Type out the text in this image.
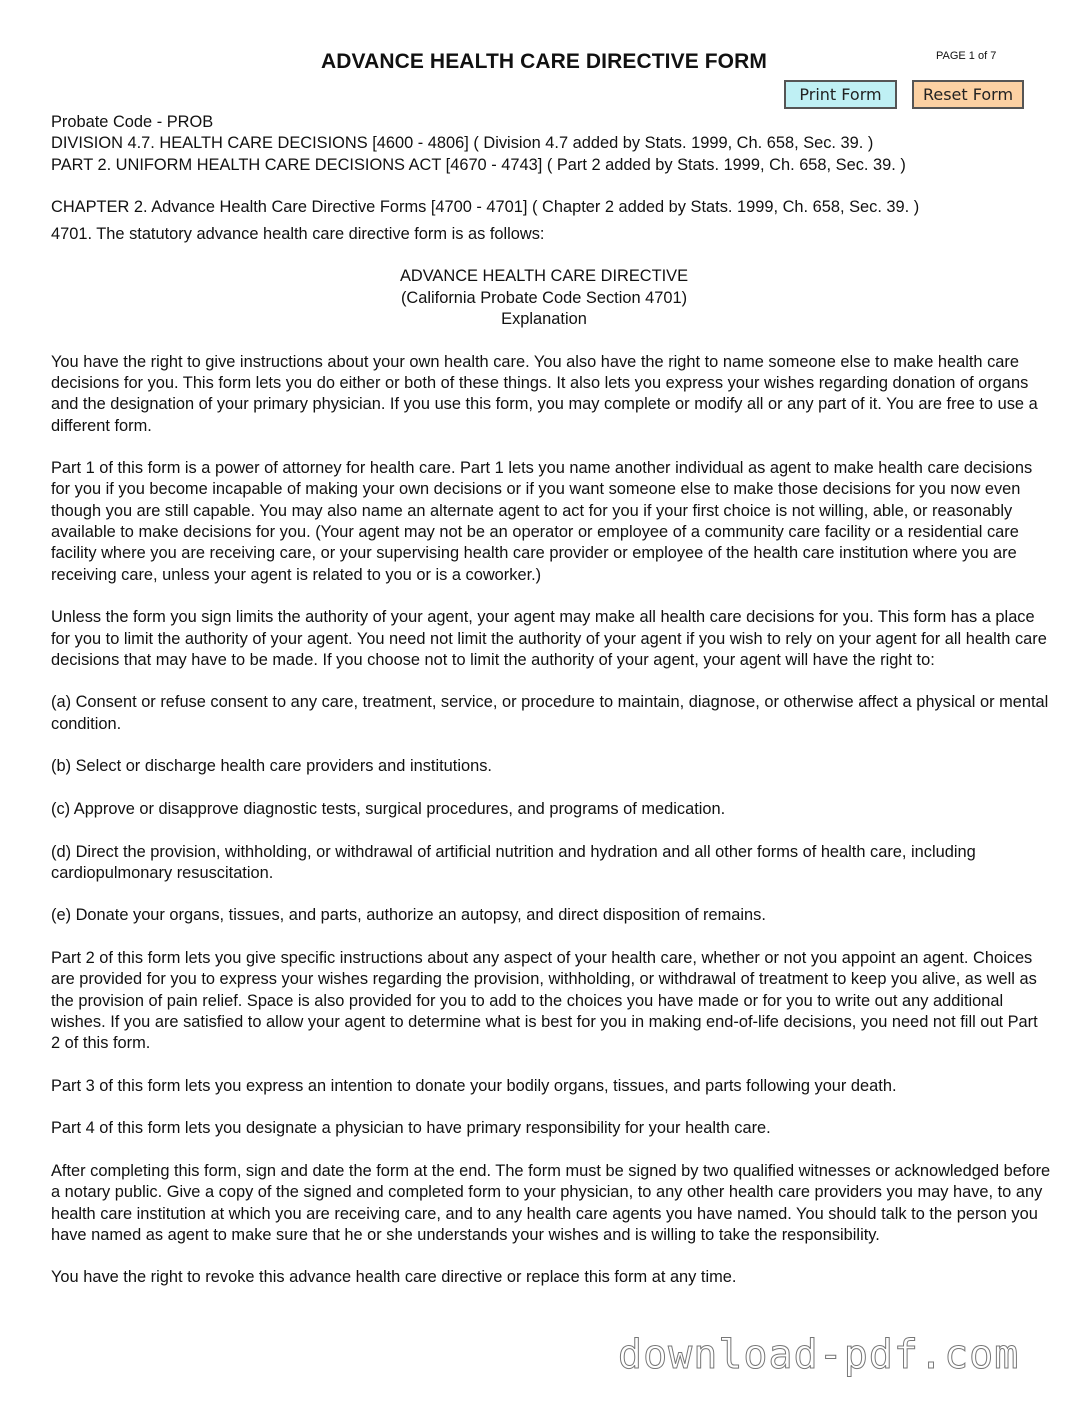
ADVANCE HEALTH CARE DIRECTIVE FORM	PAGE 1 of 7
Print Form	Reset Form

Probate Code - PROB

DIVISION 4.7. HEALTH CARE DECISIONS [4600 - 4806] ( Division 4.7 added by Stats. 1999, Ch. 658, Sec. 39. )

PART 2. UNIFORM HEALTH CARE DECISIONS ACT [4670 - 4743] ( Part 2 added by Stats. 1999, Ch. 658, Sec. 39. )

CHAPTER 2. Advance Health Care Directive Forms [4700 - 4701] ( Chapter 2 added by Stats. 1999, Ch. 658, Sec. 39. )

4701. The statutory advance health care directive form is as follows:

ADVANCE HEALTH CARE DIRECTIVE

(California Probate Code Section 4701)

Explanation

You have the right to give instructions about your own health care. You also have the right to name someone else to make health care decisions for you. This form lets you do either or both of these things. It also lets you express your wishes regarding donation of organs and the designation of your primary physician. If you use this form, you may complete or modify all or any part of it. You are free to use a different form.

Part 1 of this form is a power of attorney for health care. Part 1 lets you name another individual as agent to make health care decisions for you if you become incapable of making your own decisions or if you want someone else to make those decisions for you now even though you are still capable. You may also name an alternate agent to act for you if your first choice is not willing, able, or reasonably available to make decisions for you. (Your agent may not be an operator or employee of a community care facility or a residential care facility where you are receiving care, or your supervising health care provider or employee of the health care institution where you are receiving care, unless your agent is related to you or is a coworker.)

Unless the form you sign limits the authority of your agent, your agent may make all health care decisions for you. This form has a place for you to limit the authority of your agent. You need not limit the authority of your agent if you wish to rely on your agent for all health care decisions that may have to be made. If you choose not to limit the authority of your agent, your agent will have the right to:

(a) Consent or refuse consent to any care, treatment, service, or procedure to maintain, diagnose, or otherwise affect a physical or mental condition.

(b) Select or discharge health care providers and institutions.

(c) Approve or disapprove diagnostic tests, surgical procedures, and programs of medication.

(d) Direct the provision, withholding, or withdrawal of artificial nutrition and hydration and all other forms of health care, including cardiopulmonary resuscitation.

(e) Donate your organs, tissues, and parts, authorize an autopsy, and direct disposition of remains.

Part 2 of this form lets you give specific instructions about any aspect of your health care, whether or not you appoint an agent. Choices are provided for you to express your wishes regarding the provision, withholding, or withdrawal of treatment to keep you alive, as well as the provision of pain relief. Space is also provided for you to add to the choices you have made or for you to write out any additional wishes. If you are satisfied to allow your agent to determine what is best for you in making end-of-life decisions, you need not fill out Part 2 of this form.

Part 3 of this form lets you express an intention to donate your bodily organs, tissues, and parts following your death.

Part 4 of this form lets you designate a physician to have primary responsibility for your health care.

After completing this form, sign and date the form at the end. The form must be signed by two qualified witnesses or acknowledged before a notary public. Give a copy of the signed and completed form to your physician, to any other health care providers you may have, to any health care institution at which you are receiving care, and to any health care agents you have named. You should talk to the person you have named as agent to make sure that he or she understands your wishes and is willing to take the responsibility.

You have the right to revoke this advance health care directive or replace this form at any time.

download-pdf.com
